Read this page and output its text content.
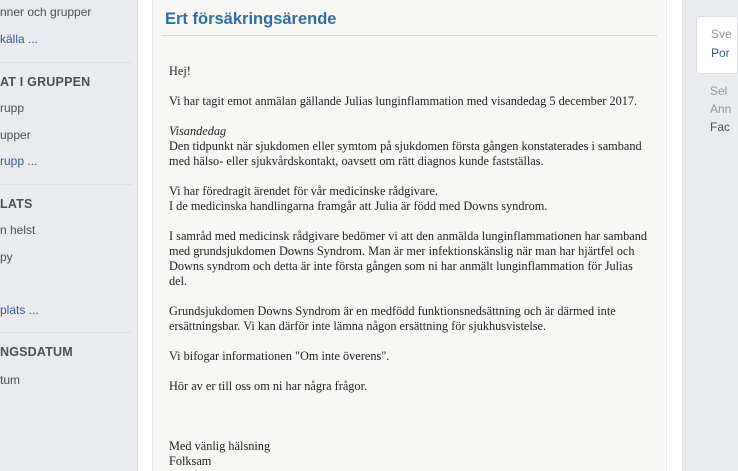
nner och grupper
källa ...
AT I GRUPPEN
rupp
upper
rupp ...
LATS
n helst
py
plats ...
NGSDATUM
tum
Ert försäkringsärende

Hej!

Vi har tagit emot anmälan gällande Julias lunginflammation med visandedag 5 december 2017.

Visandedag

Den tidpunkt när sjukdomen eller symtom på sjukdomen första gången konstaterades i samband

med hälso- eller sjukvårdskontakt, oavsett om rätt diagnos kunde fastställas.

Vi har föredragit ärendet för vår medicinske rådgivare.

I de medicinska handlingarna framgår att Julia är född med Downs syndrom.

I samråd med medicinsk rådgivare bedömer vi att den anmälda lunginflammationen har samband

med grundsjukdomen Downs Syndrom. Man är mer infektionskänslig när man har hjärtfel och

Downs syndrom och detta är inte första gången som ni har anmält lunginflammation för Julias

del.

Grundsjukdomen Downs Syndrom är en medfödd funktionsnedsättning och är därmed inte

ersättningsbar. Vi kan därför inte lämna någon ersättning för sjukhusvistelse.

Vi bifogar informationen "Om inte överens".

Hör av er till oss om ni har några frågor.

Med vänlig hälsning

Folksam

Sve
Por
Sel
Ann
Fac
